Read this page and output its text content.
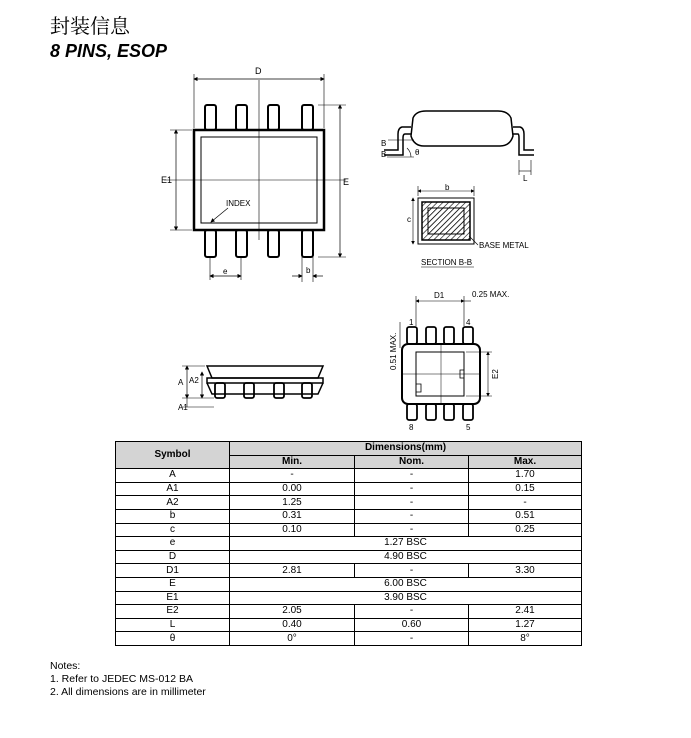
封装信息
8 PINS, ESOP
D
E1	E
INDEX
e	b
A A2
A1
B
B	θ
L
b
c
BASE METAL
SECTION B-B
D1	0.25 MAX.
0.51 MAX.
E2
1	4
8	5
Symbol	Dimensions(mm)		
	Min.	Nom.	Max.
A	-	-	1.70
A1	0.00	-	0.15
A2	1.25	-	-
b	0.31	-	0.51
c	0.10	-	0.25
e	1.27 BSC		
D	4.90 BSC		
D1	2.81	-	3.30
E	6.00 BSC		
E1	3.90 BSC		
E2	2.05	-	2.41
L	0.40	0.60	1.27
θ	0°	-	8°
Notes:
1. Refer to JEDEC MS-012 BA
2. All dimensions are in millimeter
